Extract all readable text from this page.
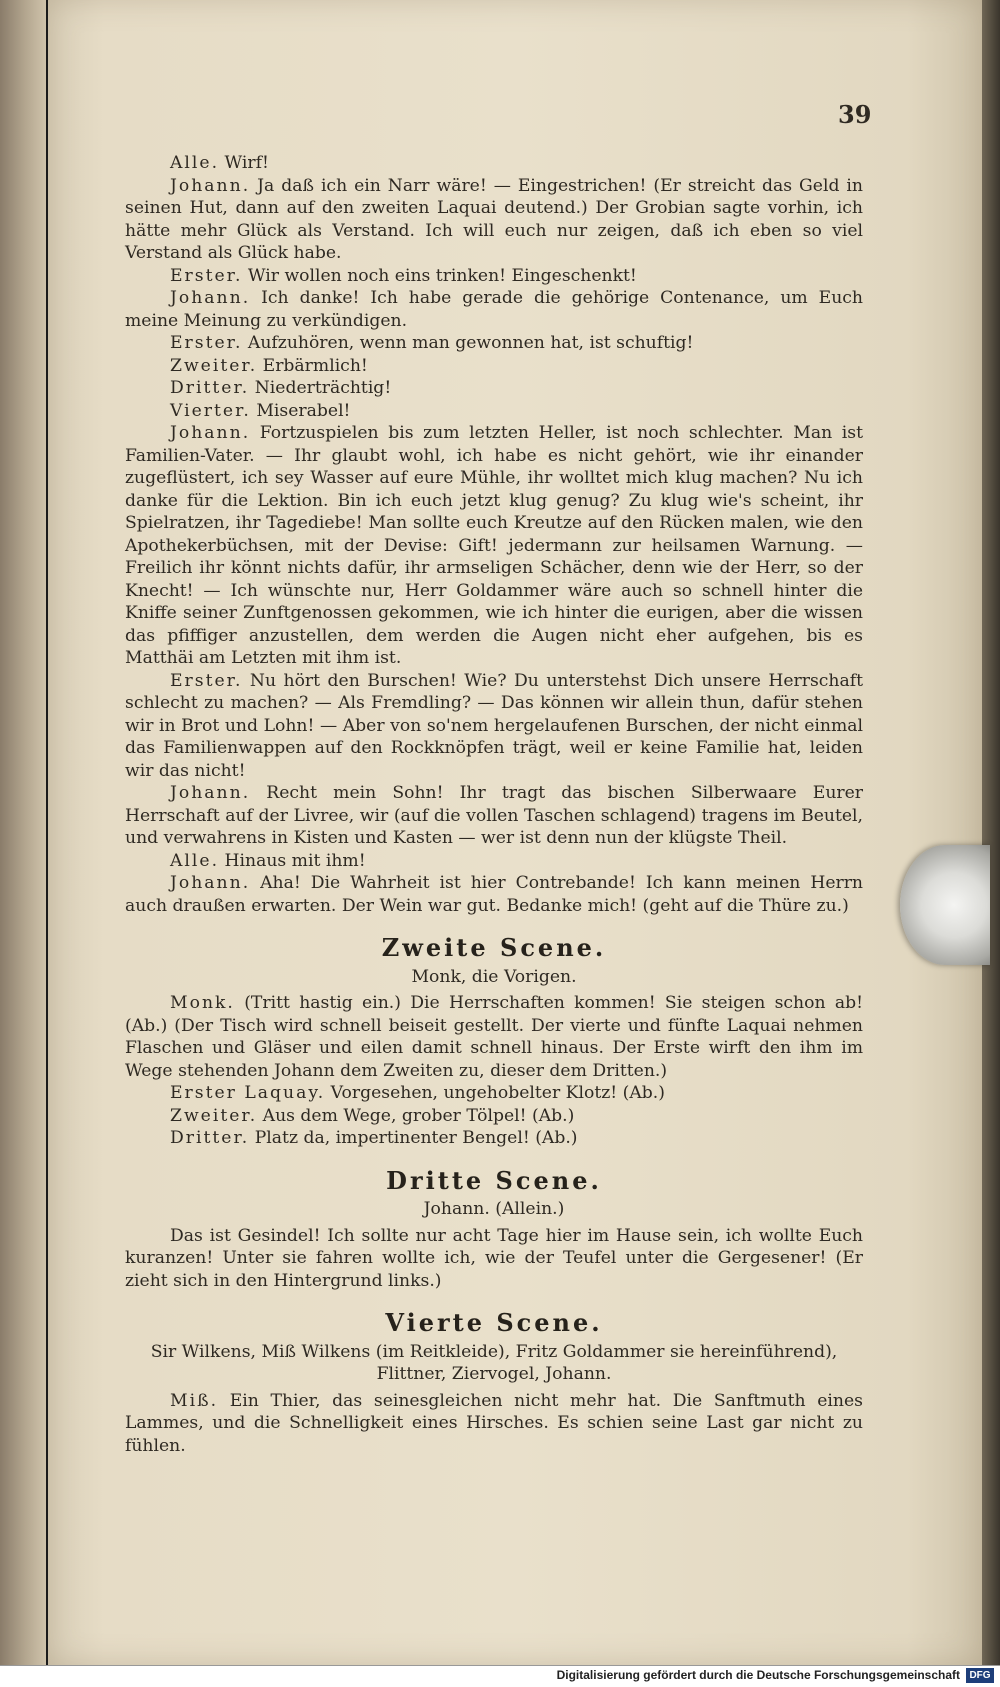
39

Alle. Wirf!

Johann. Ja daß ich ein Narr wäre! — Eingestrichen! (Er streicht das Geld in seinen Hut, dann auf den zweiten Laquai deutend.) Der Grobian sagte vorhin, ich hätte mehr Glück als Verstand. Ich will euch nur zeigen, daß ich eben so viel Verstand als Glück habe.

Erster. Wir wollen noch eins trinken! Eingeschenkt!

Johann. Ich danke! Ich habe gerade die gehörige Contenance, um Euch meine Meinung zu verkündigen.

Erster. Aufzuhören, wenn man gewonnen hat, ist schuftig!

Zweiter. Erbärmlich!

Dritter. Niederträchtig!

Vierter. Miserabel!

Johann. Fortzuspielen bis zum letzten Heller, ist noch schlechter. Man ist Familien-Vater. — Ihr glaubt wohl, ich habe es nicht gehört, wie ihr einander zugeflüstert, ich sey Wasser auf eure Mühle, ihr wolltet mich klug machen? Nu ich danke für die Lektion. Bin ich euch jetzt klug genug? Zu klug wie's scheint, ihr Spielratzen, ihr Tagediebe! Man sollte euch Kreutze auf den Rücken malen, wie den Apothekerbüchsen, mit der Devise: Gift! jedermann zur heilsamen Warnung. — Freilich ihr könnt nichts dafür, ihr armseligen Schächer, denn wie der Herr, so der Knecht! — Ich wünschte nur, Herr Goldammer wäre auch so schnell hinter die Kniffe seiner Zunftgenossen gekommen, wie ich hinter die eurigen, aber die wissen das pfiffiger anzustellen, dem werden die Augen nicht eher aufgehen, bis es Matthäi am Letzten mit ihm ist.

Erster. Nu hört den Burschen! Wie? Du unterstehst Dich unsere Herrschaft schlecht zu machen? — Als Fremdling? — Das können wir allein thun, dafür stehen wir in Brot und Lohn! — Aber von so'nem hergelaufenen Burschen, der nicht einmal das Familienwappen auf den Rockknöpfen trägt, weil er keine Familie hat, leiden wir das nicht!

Johann. Recht mein Sohn! Ihr tragt das bischen Silberwaare Eurer Herrschaft auf der Livree, wir (auf die vollen Taschen schlagend) tragens im Beutel, und verwahrens in Kisten und Kasten — wer ist denn nun der klügste Theil.

Alle. Hinaus mit ihm!

Johann. Aha! Die Wahrheit ist hier Contrebande! Ich kann meinen Herrn auch draußen erwarten. Der Wein war gut. Bedanke mich! (geht auf die Thüre zu.)

Zweite Scene.
Monk, die Vorigen.

Monk. (Tritt hastig ein.) Die Herrschaften kommen! Sie steigen schon ab! (Ab.) (Der Tisch wird schnell beiseit gestellt. Der vierte und fünfte Laquai nehmen Flaschen und Gläser und eilen damit schnell hinaus. Der Erste wirft den ihm im Wege stehenden Johann dem Zweiten zu, dieser dem Dritten.)

Erster Laquay. Vorgesehen, ungehobelter Klotz! (Ab.)

Zweiter. Aus dem Wege, grober Tölpel! (Ab.)

Dritter. Platz da, impertinenter Bengel! (Ab.)

Dritte Scene.
Johann. (Allein.)

Das ist Gesindel! Ich sollte nur acht Tage hier im Hause sein, ich wollte Euch kuranzen! Unter sie fahren wollte ich, wie der Teufel unter die Gergesener! (Er zieht sich in den Hintergrund links.)

Vierte Scene.
Sir Wilkens, Miß Wilkens (im Reitkleide), Fritz Goldammer sie hereinführend), Flittner, Ziervogel, Johann.

Miß. Ein Thier, das seinesgleichen nicht mehr hat. Die Sanftmuth eines Lammes, und die Schnelligkeit eines Hirsches. Es schien seine Last gar nicht zu fühlen.

Digitalisierung gefördert durch die Deutsche Forschungsgemeinschaft DFG
